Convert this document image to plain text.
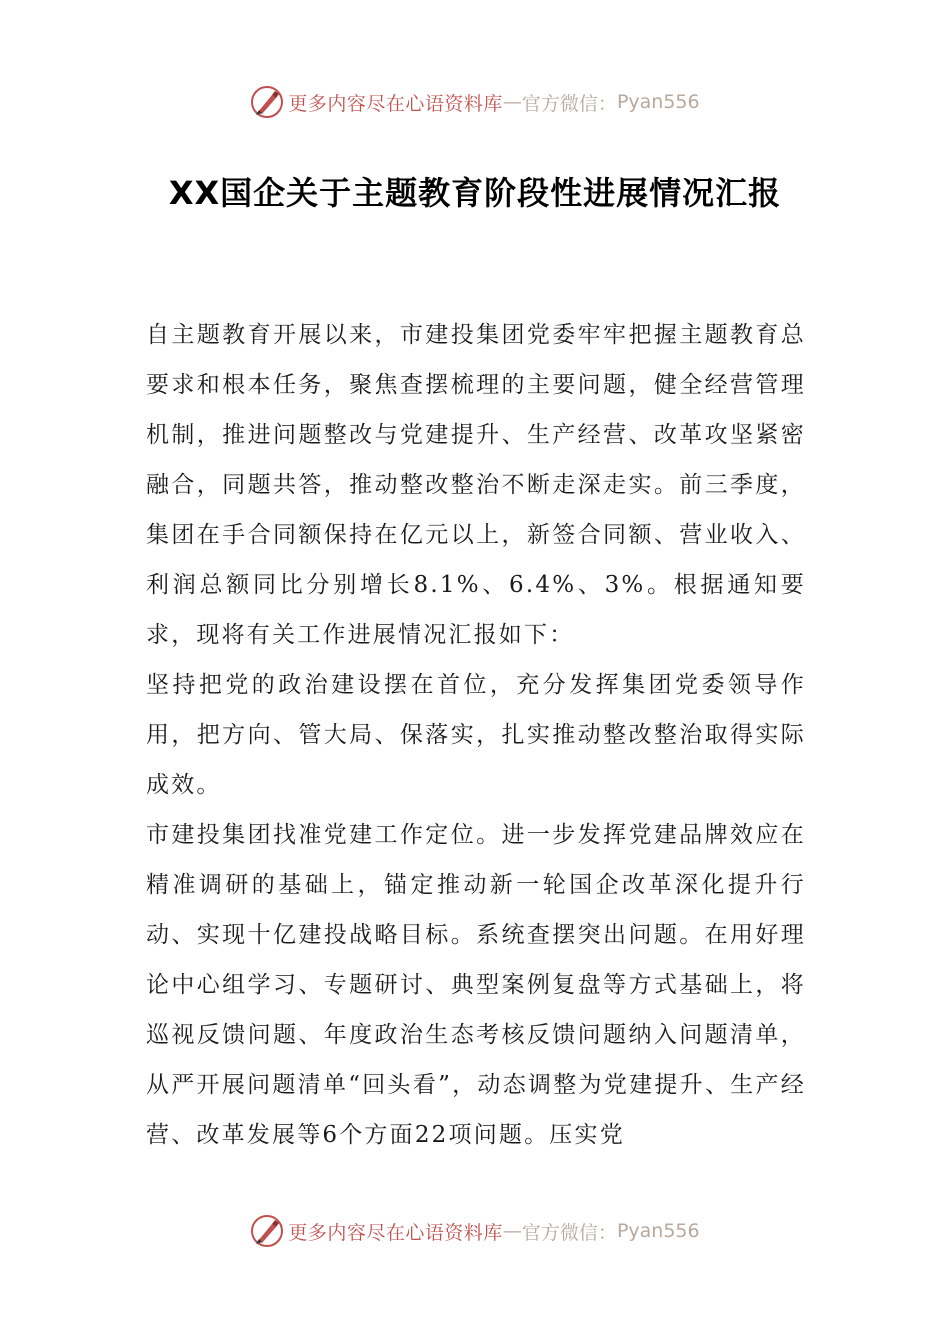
更多内容尽在心语资料库 — 官方微信： Pyan556
XX国企关于主题教育阶段性进展情况汇报

自主题教育开展以来，市建投集团党委牢牢把握主题教育总要求和根本任务，聚焦查摆梳理的主要问题，健全经营管理机制，推进问题整改与党建提升、生产经营、改革攻坚紧密融合，同题共答，推动整改整治不断走深走实。前三季度，集团在手合同额保持在亿元以上，新签合同额、营业收入、利润总额同比分别增长8.1%、6.4%、3%。根据通知要求，现将有关工作进展情况汇报如下：

坚持把党的政治建设摆在首位，充分发挥集团党委领导作用，把方向、管大局、保落实，扎实推动整改整治取得实际成效。

市建投集团找准党建工作定位。进一步发挥党建品牌效应在精准调研的基础上，锚定推动新一轮国企改革深化提升行动、实现十亿建投战略目标。系统查摆突出问题。在用好理论中心组学习、专题研讨、典型案例复盘等方式基础上，将巡视反馈问题、年度政治生态考核反馈问题纳入问题清单，从严开展问题清单“回头看”，动态调整为党建提升、生产经营、改革发展等6个方面22项问题。压实党

更多内容尽在心语资料库 — 官方微信： Pyan556
